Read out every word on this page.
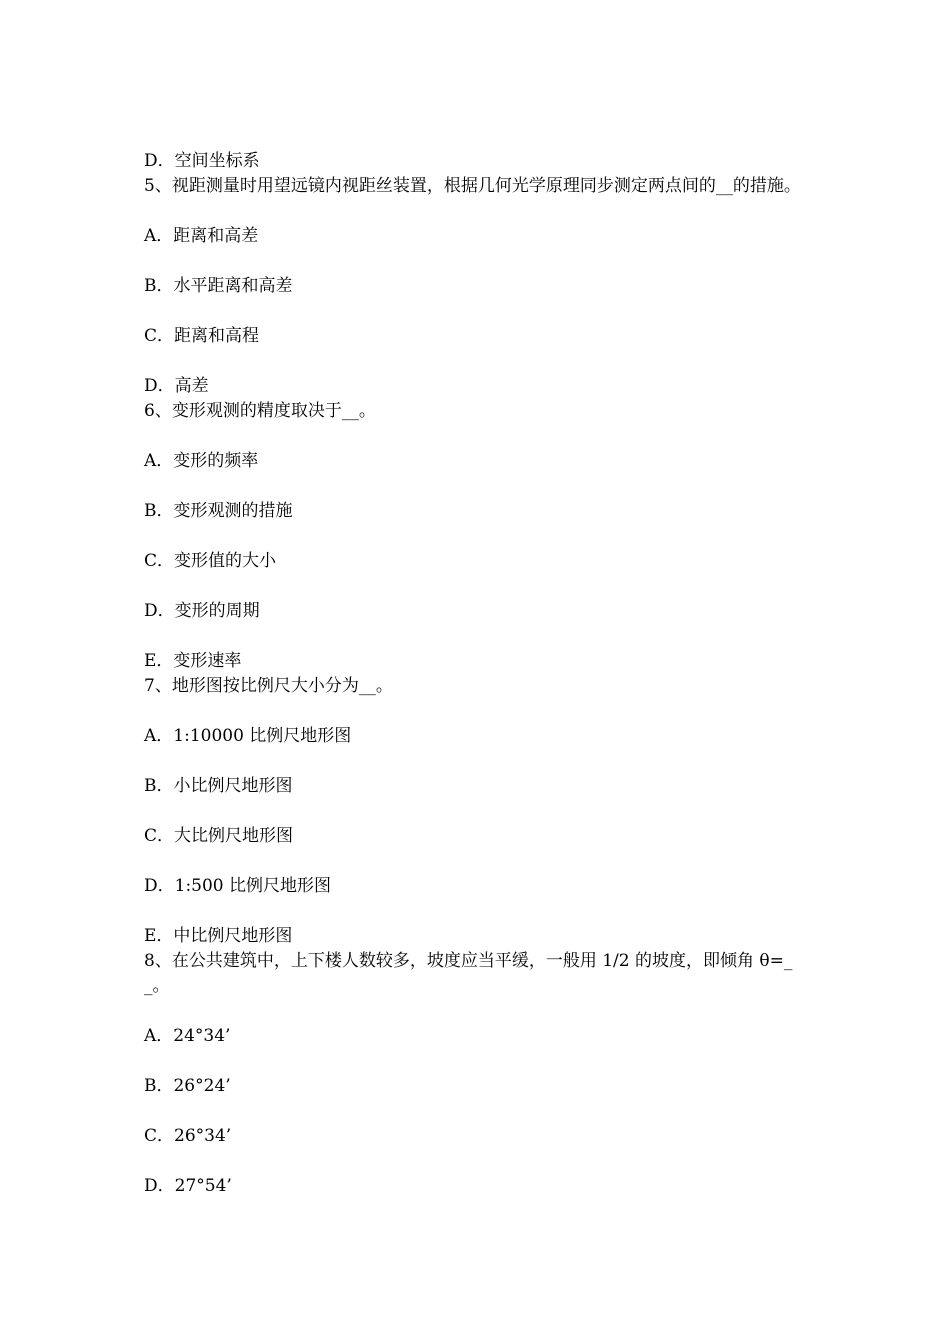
D．空间坐标系
5、视距测量时用望远镜内视距丝装置，根据几何光学原理同步测定两点间的__的措施。
A．距离和高差
B．水平距离和高差
C．距离和高程
D．高差
6、变形观测的精度取决于__。
A．变形的频率
B．变形观测的措施
C．变形值的大小
D．变形的周期
E．变形速率
7、地形图按比例尺大小分为__。
A．1:10000 比例尺地形图
B．小比例尺地形图
C．大比例尺地形图
D．1:500 比例尺地形图
E．中比例尺地形图
8、在公共建筑中，上下楼人数较多，坡度应当平缓，一般用 1/2 的坡度，即倾角 θ=__。
A．24°34’
B．26°24’
C．26°34’
D．27°54’
